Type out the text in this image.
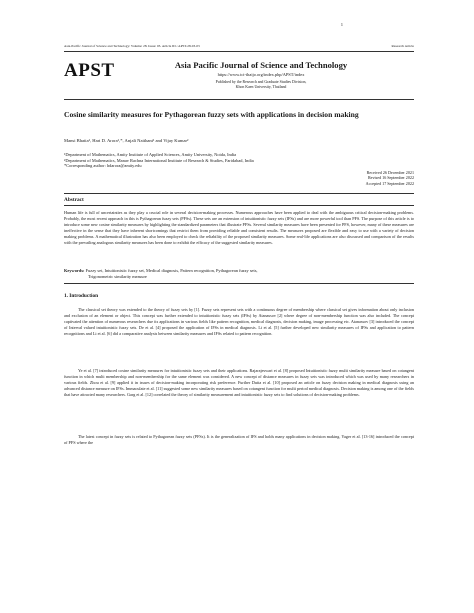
1
Asia-Pacific Journal of Science and Technology: Volume: 28. Issue: 03. Article ID.: APST-28-03-03	Research Article
APST	Asia Pacific Journal of Science and Technology
https://www.tci-thaijo.org/index.php/APST/index
Published by the Research and Graduate Studies Division,
Khon Kaen University, Thailand
Cosine similarity measures for Pythagorean fuzzy sets with applications in decision making
Mansi Bhatia¹, Hari D. Arora¹,*, Anjali Naithani¹ and Vijay Kumar²
¹Department of Mathematics, Amity Institute of Applied Sciences, Amity University, Noida, India
²Department of Mathematics, Manav Rachna International Institute of Research & Studies, Faridabad, India
*Corresponding author: hdarora@amity.edu
Received 26 December 2021
Revised 16 September 2022
Accepted 17 September 2022
Abstract

Human life is full of uncertainties as they play a crucial role in several decision-making processes. Numerous approaches have been applied to deal with the ambiguous critical decision-making problems. Probably, the most recent approach in this is Pythagorean fuzzy sets (PFSs). These sets are an extension of intuitionistic fuzzy sets (IFSs) and are more powerful tool than PFS. The purpose of this article is to introduce some new cosine similarity measures by highlighting the standardized parameters that illustrate PFSs. Several similarity measures have been presented for PFS, however, many of these measures are ineffective in the sense that they have inherent shortcomings that restrict them from providing reliable and consistent results. The measures proposed are flexible and easy to use with a variety of decision making problems. A mathematical illustration has also been employed to check the reliability of the proposed similarity measures. Some real-life applications are also discussed and comparison of the results with the prevailing analogous similarity measures has been done to exhibit the efficacy of the suggested similarity measures.

Keywords: Fuzzy set, Intuitionistic fuzzy set, Medical diagnosis, Pattern recognition, Pythagorean fuzzy sets,
Trigonometric similarity measure
1. Introduction

The classical set theory was extended to the theory of fuzzy sets by [1]. Fuzzy sets represent sets with a continuous degree of membership where classical set gives information about only inclusion and exclusion of an element or object. This concept was further extended to intuitionistic fuzzy sets (IFSs) by Atanassov [2] where degree of non-membership function was also included. The concept captivated the attention of numerous researchers due its applications in various fields like pattern recognition, medical diagnosis, decision making, image processing etc. Atanassov [3] introduced the concept of Interval valued intuitionistic fuzzy sets. De et al. [4] proposed the application of IFSs in medical diagnosis. Li et al. [5] further developed new similarity measures of IFSs and application to pattern recognitions and Li et al. [6] did a comparative analysis between similarity measures and IFSs related to pattern recognition.

Ye et al. [7] introduced cosine similarity measures for intuitionistic fuzzy sets and their applications. Rajarajeswari et al. [8] proposed Intuitionistic fuzzy multi similarity measure based on cotangent function in which multi membership and non-membership for the same element was considered. A new concept of distance measures in fuzzy sets was introduced which was used by many researchers in various fields. Zhou et al. [9] applied it in issues of decision-making incorporating risk preference. Further Dutta et al. [10] proposed an article on fuzzy decision making in medical diagnosis using an advanced distance measure on IFSs. Immaculate et al. [11] suggested some new similarity measures based on cotangent function for multi period medical diagnosis. Decision making is among one of the fields that have attracted many researchers. Garg et al. [12] correlated the theory of similarity measurement and intuitionistic fuzzy sets to find solutions of decision-making problems.

The latest concept in fuzzy sets is related to Pythagorean fuzzy sets (PFSs). It is the generalization of IFS and holds many applications in decision making. Yager et al. [13-16] introduced the concept of PFS where the
